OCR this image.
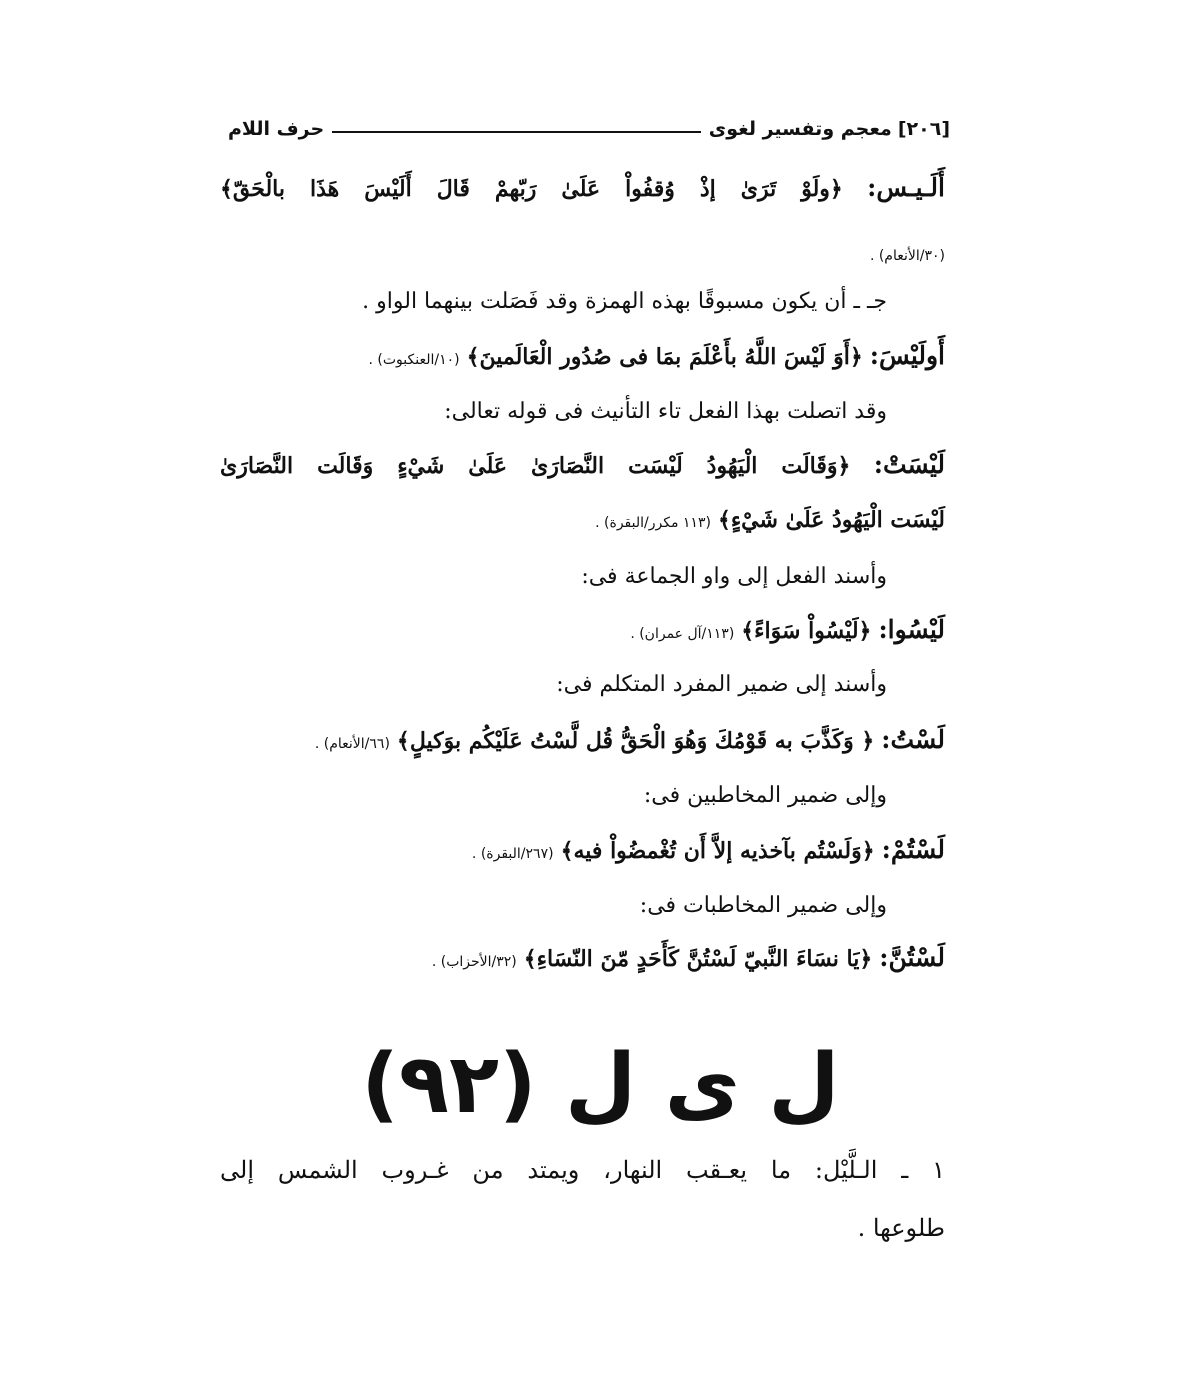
[٢٠٦]
معجم وتفسير لغوى
حرف اللام
أَلَـيـس: ﴿ولَوْ تَرَىٰ إذْ وُقفُواْ عَلَىٰ رَبّهمْ قَالَ أَلَيْسَ هَذَا بالْحَقّ﴾
(٣٠/الأنعام) .
جـ ـ أن يكون مسبوقًا بهذه الهمزة وقد فَصَلت بينهما الواو .
أَولَيْسَ: ﴿أَوَ لَيْسَ اللَّهُ بأَعْلَمَ بمَا فى صُدُور الْعَالَمينَ﴾ (١٠/العنكبوت) .
وقد اتصلت بهذا الفعل تاء التأنيث فى قوله تعالى:
لَيْسَتْ: ﴿وَقَالَت الْيَهُودُ لَيْسَت النَّصَارَىٰ عَلَىٰ شَيْءٍ وَقَالَت النَّصَارَىٰ
لَيْسَت الْيَهُودُ عَلَىٰ شَيْءٍ﴾ (١١٣ مكرر/البقرة) .
وأسند الفعل إلى واو الجماعة فى:
لَيْسُوا: ﴿لَيْسُواْ سَوَاءً﴾ (١١٣/آل عمران) .
وأسند إلى ضمير المفرد المتكلم فى:
لَسْتُ: ﴿ وَكَذَّبَ به قَوْمُكَ وَهُوَ الْحَقُّ قُل لَّسْتُ عَلَيْكُم بوَكيلٍ﴾ (٦٦/الأنعام) .
وإلى ضمير المخاطبين فى:
لَسْتُمْ: ﴿وَلَسْتُم بآخذيه إلاَّ أَن تُغْمضُواْ فيه﴾ (٢٦٧/البقرة) .
وإلى ضمير المخاطبات فى:
لَسْتُنَّ: ﴿يَا نسَاءَ النَّبيّ لَسْتُنَّ كَأَحَدٍ مّنَ النّسَاءِ﴾ (٣٢/الأحزاب) .
ل ى ل (٩٢)
١ ـ الـلَّيْل: ما يعـقب النهار، ويمتد من غـروب الشمس إلى
طلوعها .
